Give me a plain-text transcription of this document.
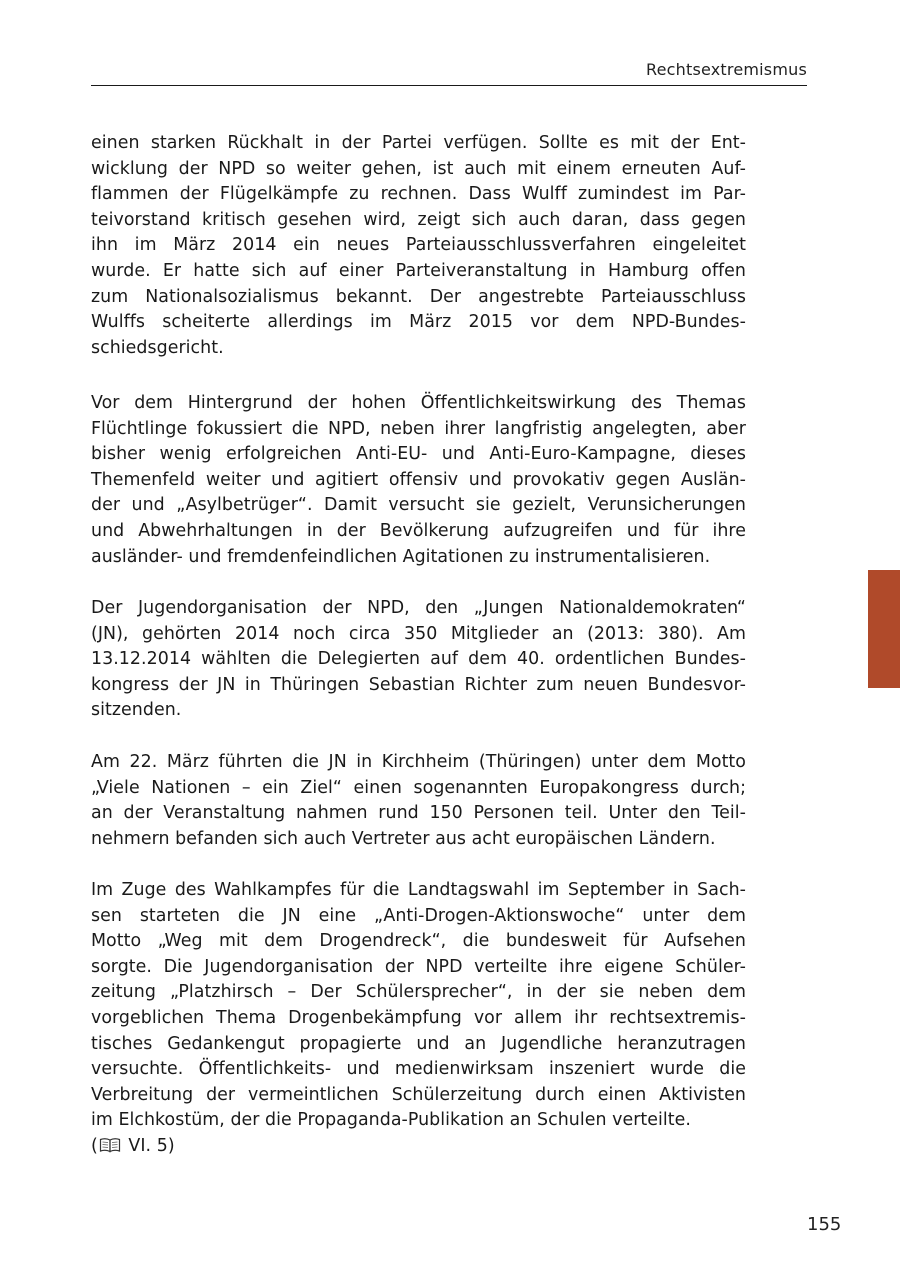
Rechtsextremismus
einen starken Rückhalt in der Partei verfügen. Sollte es mit der Ent-
wicklung der NPD so weiter gehen, ist auch mit einem erneuten Auf-
flammen der Flügelkämpfe zu rechnen. Dass Wulff zumindest im Par-
teivorstand kritisch gesehen wird, zeigt sich auch daran, dass gegen
ihn im März 2014 ein neues Parteiausschlussverfahren eingeleitet
wurde. Er hatte sich auf einer Parteiveranstaltung in Hamburg offen
zum Nationalsozialismus bekannt. Der angestrebte Parteiausschluss
Wulffs scheiterte allerdings im März 2015 vor dem NPD-Bundes-
schiedsgericht.
Vor dem Hintergrund der hohen Öffentlichkeitswirkung des Themas
Flüchtlinge fokussiert die NPD, neben ihrer langfristig angelegten, aber
bisher wenig erfolgreichen Anti-EU- und Anti-Euro-Kampagne, dieses
Themenfeld weiter und agitiert offensiv und provokativ gegen Auslän-
der und „Asylbetrüger“. Damit versucht sie gezielt, Verunsicherungen
und Abwehrhaltungen in der Bevölkerung aufzugreifen und für ihre
ausländer- und fremdenfeindlichen Agitationen zu instrumentalisieren.
Der Jugendorganisation der NPD, den „Jungen Nationaldemokraten“
(JN), gehörten 2014 noch circa 350 Mitglieder an (2013: 380). Am
13.12.2014 wählten die Delegierten auf dem 40. ordentlichen Bundes-
kongress der JN in Thüringen Sebastian Richter zum neuen Bundesvor-
sitzenden.
Am 22. März führten die JN in Kirchheim (Thüringen) unter dem Motto
„Viele Nationen – ein Ziel“ einen sogenannten Europakongress durch;
an der Veranstaltung nahmen rund 150 Personen teil. Unter den Teil-
nehmern befanden sich auch Vertreter aus acht europäischen Ländern.
Im Zuge des Wahlkampfes für die Landtagswahl im September in Sach-
sen starteten die JN eine „Anti-Drogen-Aktionswoche“ unter dem
Motto „Weg mit dem Drogendreck“, die bundesweit für Aufsehen
sorgte. Die Jugendorganisation der NPD verteilte ihre eigene Schüler-
zeitung „Platzhirsch – Der Schülersprecher“, in der sie neben dem
vorgeblichen Thema Drogenbekämpfung vor allem ihr rechtsextremis-
tisches Gedankengut propagierte und an Jugendliche heranzutragen
versuchte. Öffentlichkeits- und medienwirksam inszeniert wurde die
Verbreitung der vermeintlichen Schülerzeitung durch einen Aktivisten
im Elchkostüm, der die Propaganda-Publikation an Schulen verteilte.
( VI. 5)
155
